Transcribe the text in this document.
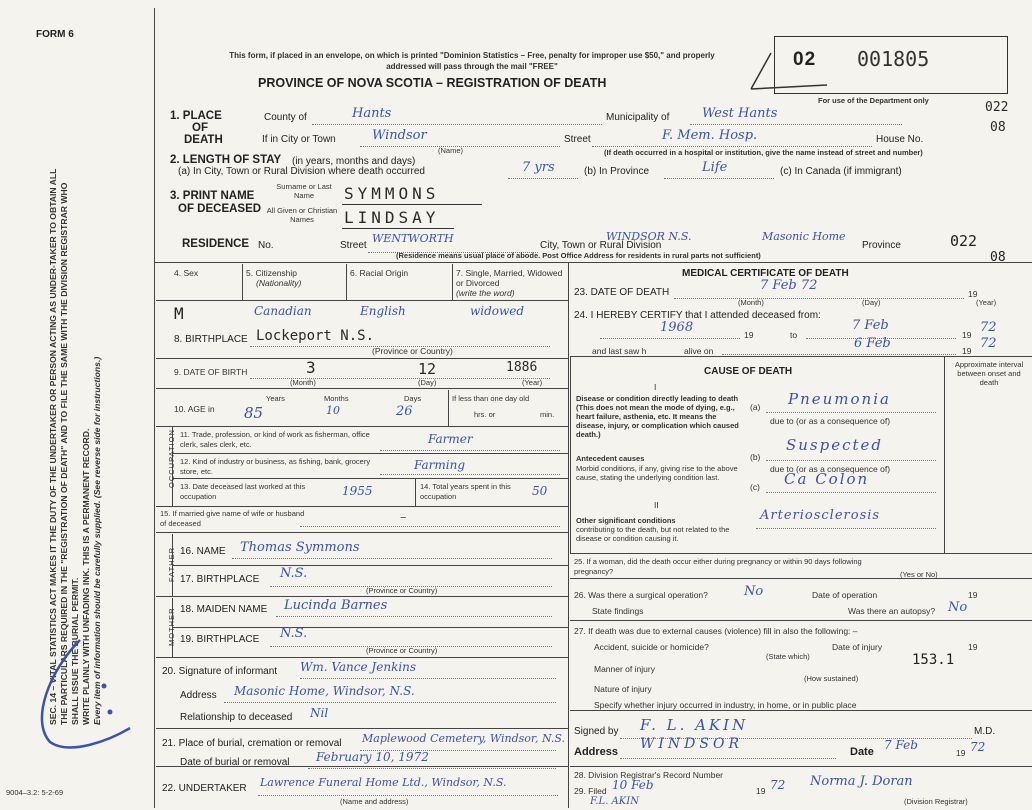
FORM 6
SEC. 14 – VITAL STATISTICS ACT MAKES IT THE DUTY OF THE UNDERTAKER OR PERSON ACTING AS UNDER-TAKER TO OBTAIN ALL THE PARTICULARS REQUIRED IN THE "REGISTRATION OF DEATH" AND TO FILE THE SAME WITH THE DIVISION REGISTRAR WHO SHALL ISSUE THE BURIAL PERMIT. WRITE PLAINLY WITH UNFADING INK. THIS IS A PERMANENT RECORD. Every item of information should be carefully supplied. (See reverse side for instructions.)
9004–3.2: 5-2-69
This form, if placed in an envelope, on which is printed "Dominion Statistics – Free, penalty for improper use $50," and properly addressed will pass through the mail "FREE"
PROVINCE OF NOVA SCOTIA – REGISTRATION OF DEATH
02 001805
For use of the Department only	022
08
1. PLACE
OF
DEATH
County of	Hants	Municipality of	West Hants
If in City or Town	Windsor
(Name)
Street	F. Mem. Hosp.	House No.
(If death occurred in a hospital or institution, give the name instead of street and number)
2. LENGTH OF STAY (in years, months and days)
(a) In City, Town or Rural Division where death occurred	7 yrs	(b) In Province	Life	(c) In Canada (if immigrant)
3. PRINT NAME
OF DECEASED
Surname or Last Name
All Given or Christian Names
SYMMONS
LINDSAY
RESIDENCE No.	Street
WENTWORTH
City, Town or Rural Division
WINDSOR N.S.	Masonic Home
Province
(Residence means usual place of abode. Post Office Address for residents in rural parts not sufficient)
022
08
4. Sex
M
5. Citizenship
(Nationality)
Canadian
6. Racial Origin
English
7. Single, Married, Widowed or Divorced
(write the word)
widowed
8. BIRTHPLACE Lockeport N.S.
(Province or Country)
9. DATE OF BIRTH	3	12	1886
(Month)	(Day)	(Year)
10. AGE in
Years	Months	Days
85	10	26
If less than one day old
hrs. or	min.
OCCUPATION 11. Trade, profession, or kind of work as fisherman, office clerk, sales clerk, etc.	Farmer
12. Kind of industry or business, as fishing, bank, grocery store, etc.	Farming
13. Date deceased last worked at this occupation	1955	14. Total years spent in this occupation	50
15. If married give name of wife or husband of deceased	–
FATHER 16. NAME Thomas Symmons
17. BIRTHPLACE N.S.
(Province or Country)
MOTHER 18. MAIDEN NAME Lucinda Barnes
19. BIRTHPLACE N.S.
(Province or Country)
20. Signature of informant Wm. Vance Jenkins
Address Masonic Home, Windsor, N.S.
Relationship to deceased Nil
21. Place of burial, cremation or removal Maplewood Cemetery, Windsor, N.S.
Date of burial or removal February 10, 1972
22. UNDERTAKER Lawrence Funeral Home Ltd., Windsor, N.S.
(Name and address)
MEDICAL CERTIFICATE OF DEATH
23. DATE OF DEATH	7 Feb 72
19
(Month)	(Day)	(Year)
24. I HEREBY CERTIFY that I attended deceased from:
1968	19	to
7 Feb
19 72
and last saw h	alive on	6 Feb	19 72
CAUSE OF DEATH
Approximate interval between onset and death
I
Disease or condition directly leading to death (This does not mean the mode of dying, e.g., heart failure, asthenia, etc. It means the disease, injury, or complication which caused death.)
(a) Pneumonia
due to (or as a consequence of)
Antecedent causes
Morbid conditions, if any, giving rise to the above cause, stating the underlying condition last.
(b)
Suspected
due to (or as a consequence of)
(c) Ca Colon
II
Other significant conditions
contributing to the death, but not related to the disease or condition causing it.
Arteriosclerosis
25. If a woman, did the death occur either during pregnancy or within 90 days following pregnancy?	(Yes or No)
26. Was there a surgical operation?	No	Date of operation	19
State findings	Was there an autopsy? No
27. If death was due to external causes (violence) fill in also the following: –
Accident, suicide or homicide?
(State which)
Date of injury	19
153.1
Manner of injury
(How sustained)
Nature of injury
Specify whether injury occurred in industry, in home, or in public place
Signed by F. L. AKIN	M.D.
Address WINDSOR	Date 7 Feb
19 72
28. Division Registrar's Record Number
29. Filed 10 Feb	19 72 Norma J. Doran
(Division Registrar)
F.L. AKIN
